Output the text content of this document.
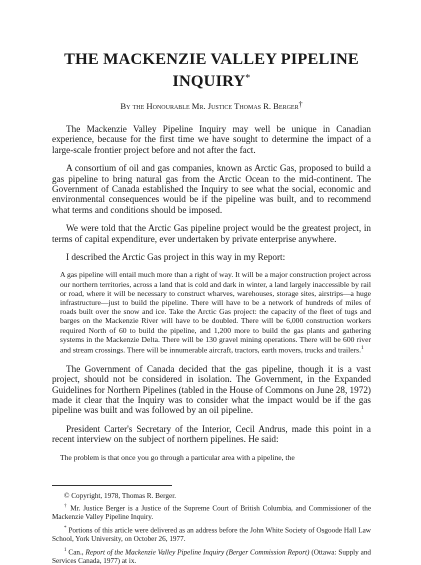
THE MACKENZIE VALLEY PIPELINE
INQUIRY*
By the Honourable Mr. Justice Thomas R. Berger†

The Mackenzie Valley Pipeline Inquiry may well be unique in Canadian experience, because for the first time we have sought to determine the impact of a large-scale frontier project before and not after the fact.

A consortium of oil and gas companies, known as Arctic Gas, proposed to build a gas pipeline to bring natural gas from the Arctic Ocean to the mid-continent. The Government of Canada established the Inquiry to see what the social, economic and environmental consequences would be if the pipeline was built, and to recommend what terms and conditions should be imposed.

We were told that the Arctic Gas pipeline project would be the greatest project, in terms of capital expenditure, ever undertaken by private enterprise anywhere.

I described the Arctic Gas project in this way in my Report:

A gas pipeline will entail much more than a right of way. It will be a major construction project across our northern territories, across a land that is cold and dark in winter, a land largely inaccessible by rail or road, where it will be necessary to construct wharves, warehouses, storage sites, airstrips—a huge infrastructure—just to build the pipeline. There will have to be a network of hundreds of miles of roads built over the snow and ice. Take the Arctic Gas project: the capacity of the fleet of tugs and barges on the Mackenzie River will have to be doubled. There will be 6,000 construction workers required North of 60 to build the pipeline, and 1,200 more to build the gas plants and gathering systems in the Mackenzie Delta. There will be 130 gravel mining operations. There will be 600 river and stream crossings. There will be innumerable aircraft, tractors, earth movers, trucks and trailers.$^1$

The Government of Canada decided that the gas pipeline, though it is a vast project, should not be considered in isolation. The Government, in the Expanded Guidelines for Northern Pipelines (tabled in the House of Commons on June 28, 1972) made it clear that the Inquiry was to consider what the impact would be if the gas pipeline was built and was followed by an oil pipeline.

President Carter's Secretary of the Interior, Cecil Andrus, made this point in a recent interview on the subject of northern pipelines. He said:

The problem is that once you go through a particular area with a pipeline, the

© Copyright, 1978, Thomas R. Berger.

† Mr. Justice Berger is a Justice of the Supreme Court of British Columbia, and Commissioner of the Mackenzie Valley Pipeline Inquiry.

* Portions of this article were delivered as an address before the John White Society of Osgoode Hall Law School, York University, on October 26, 1977.

$^1$ Can., Report of the Mackenzie Valley Pipeline Inquiry (Berger Commission Report) (Ottawa: Supply and Services Canada, 1977) at ix.
